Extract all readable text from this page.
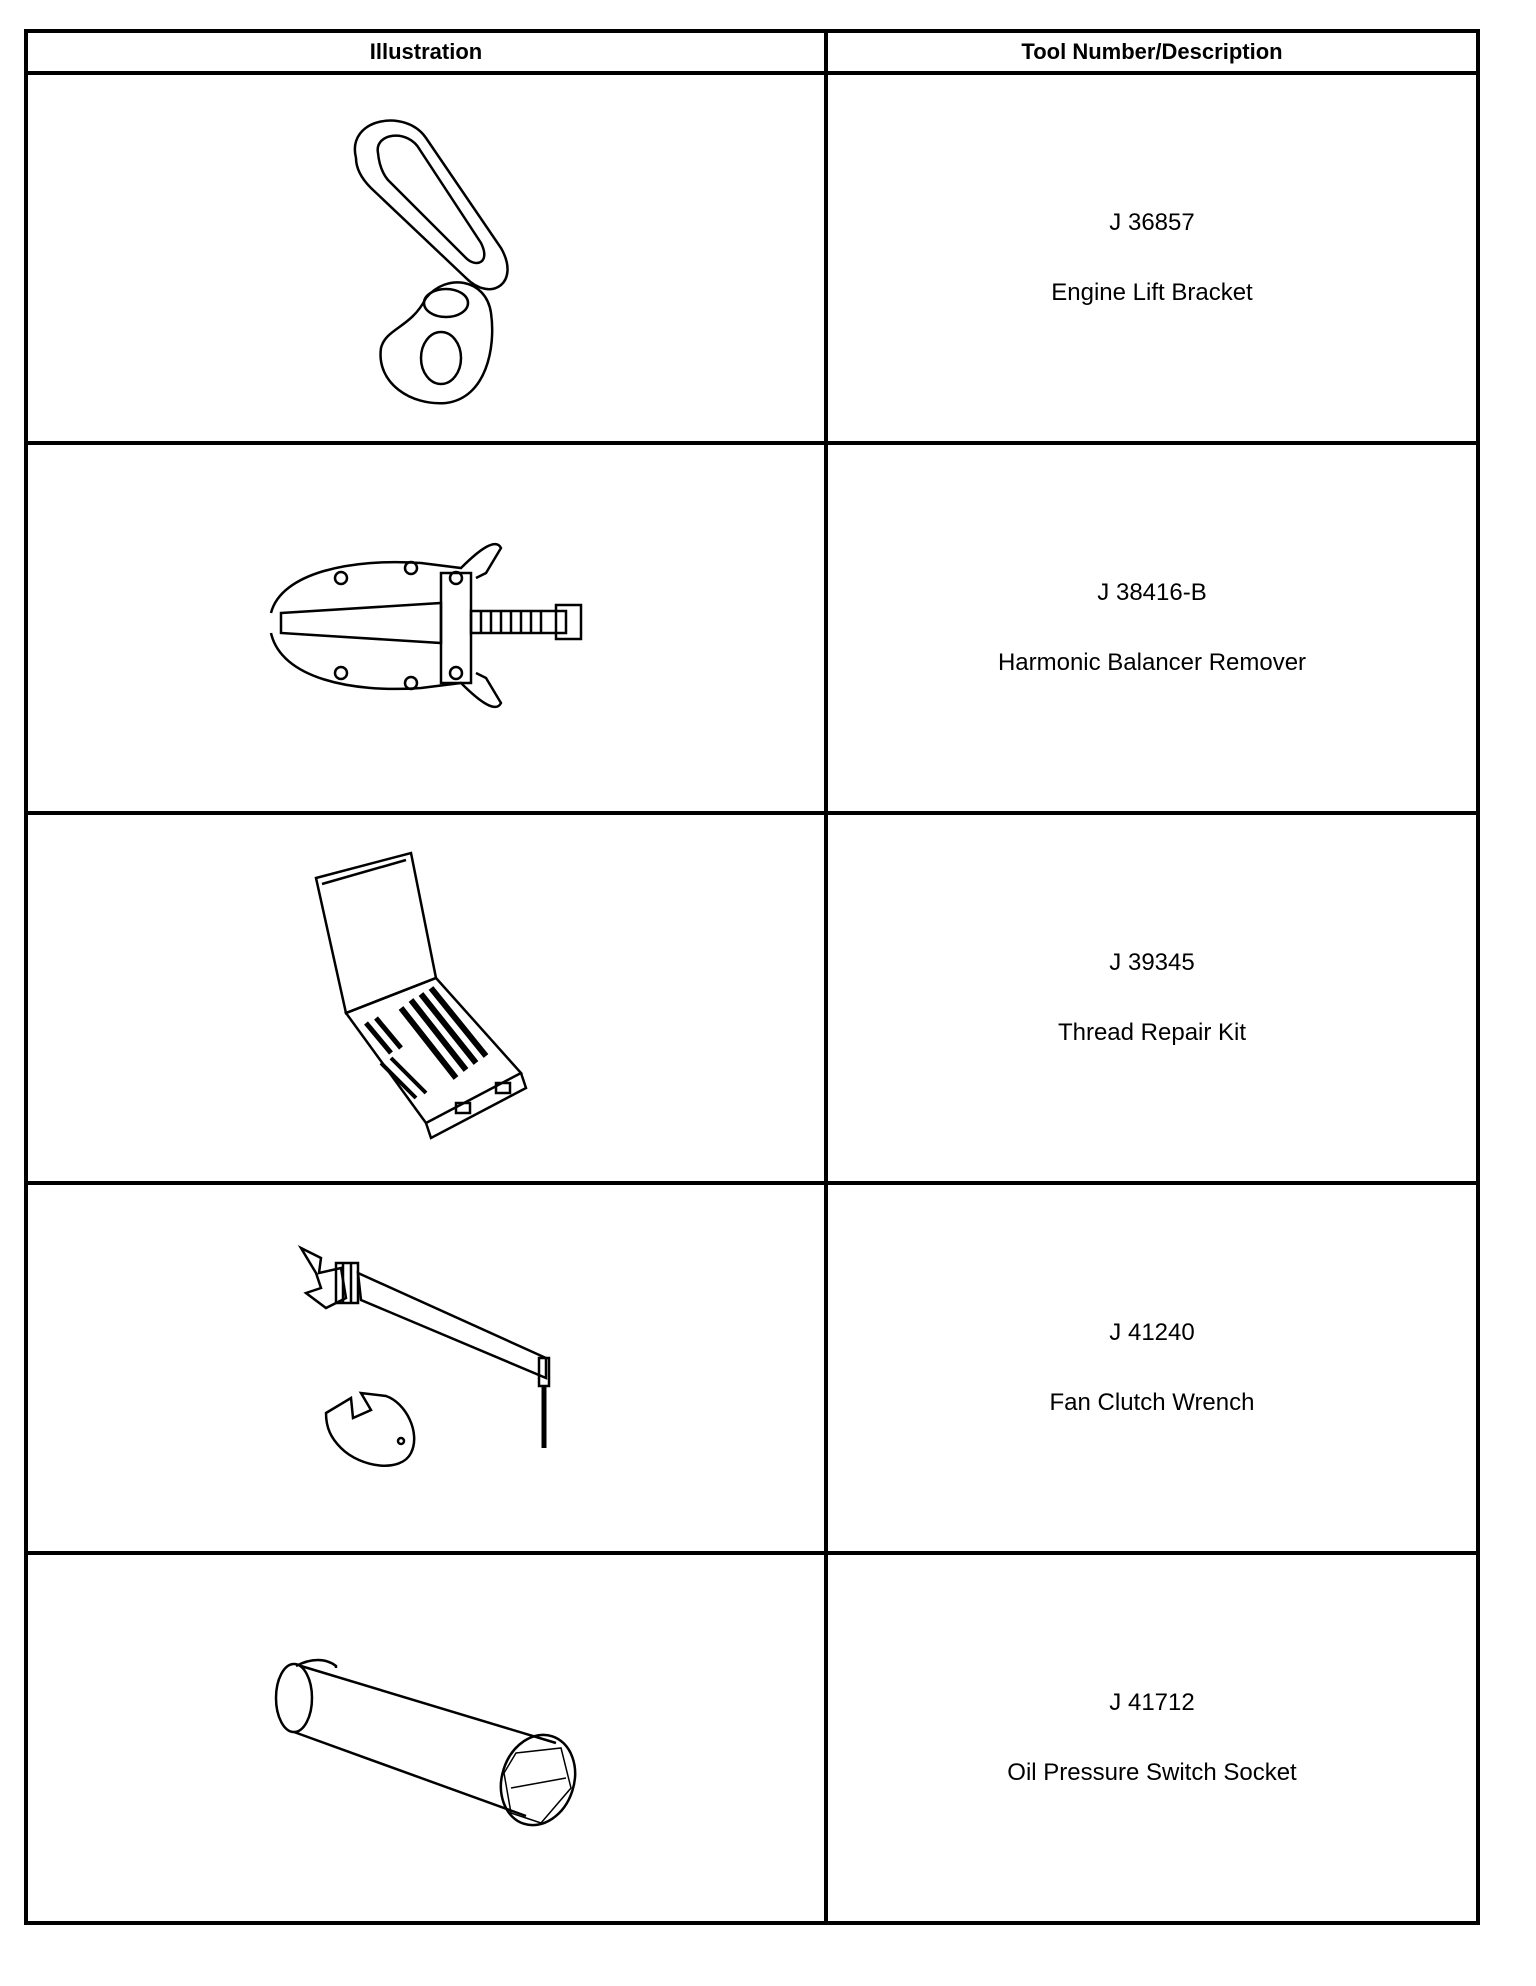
Illustration	Tool Number/Description

J 36857
Engine Lift Bracket

J 38416-B
Harmonic Balancer Remover

J 39345
Thread Repair Kit

J 41240
Fan Clutch Wrench

J 41712
Oil Pressure Switch Socket
